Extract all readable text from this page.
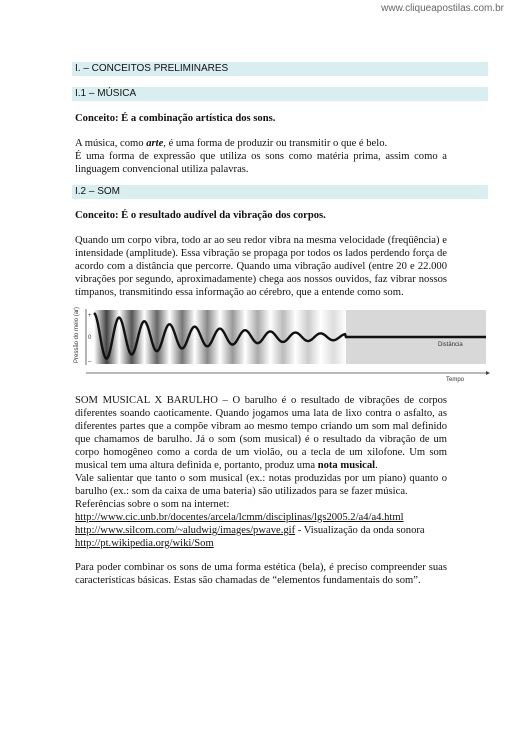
www.cliqueapostilas.com.br
I. – CONCEITOS PRELIMINARES
I.1 – MÚSICA

Conceito: É a combinação artística dos sons.

A música, como arte, é uma forma de produzir ou transmitir o que é belo.

É uma forma de expressão que utiliza os sons como matéria prima, assim como a linguagem convencional utiliza palavras.

I.2 – SOM

Conceito: É o resultado audível da vibração dos corpos.

Quando um corpo vibra, todo ar ao seu redor vibra na mesma velocidade (freqüência) e intensidade (amplitude). Essa vibração se propaga por todos os lados perdendo força de acordo com a distância que percorre. Quando uma vibração audível (entre 20 e 22.000 vibrações por segundo, aproximadamente) chega aos nossos ouvidos, faz vibrar nossos tímpanos, transmitindo essa informação ao cérebro, que a entende como som.

Pressão do meio (ar) +
0
–
Distância
Tempo

SOM MUSICAL X BARULHO – O barulho é o resultado de vibrações de corpos diferentes soando caoticamente. Quando jogamos uma lata de lixo contra o asfalto, as diferentes partes que a compõe vibram ao mesmo tempo criando um som mal definido que chamamos de barulho. Já o som (som musical) é o resultado da vibração de um corpo homogêneo como a corda de um violão, ou a tecla de um xilofone. Um som musical tem uma altura definida e, portanto, produz uma nota musical.

Vale salientar que tanto o som musical (ex.: notas produzidas por um piano) quanto o barulho (ex.: som da caixa de uma bateria) são utilizados para se fazer música.

Referências sobre o som na internet:

http://www.cic.unb.br/docentes/arcela/lcmm/disciplinas/lgs2005.2/a4/a4.html

http://www.silcom.com/~aludwig/images/pwave.gif - Visualização da onda sonora

http://pt.wikipedia.org/wiki/Som

Para poder combinar os sons de uma forma estética (bela), é preciso compreender suas características básicas. Estas são chamadas de “elementos fundamentais do som”.
